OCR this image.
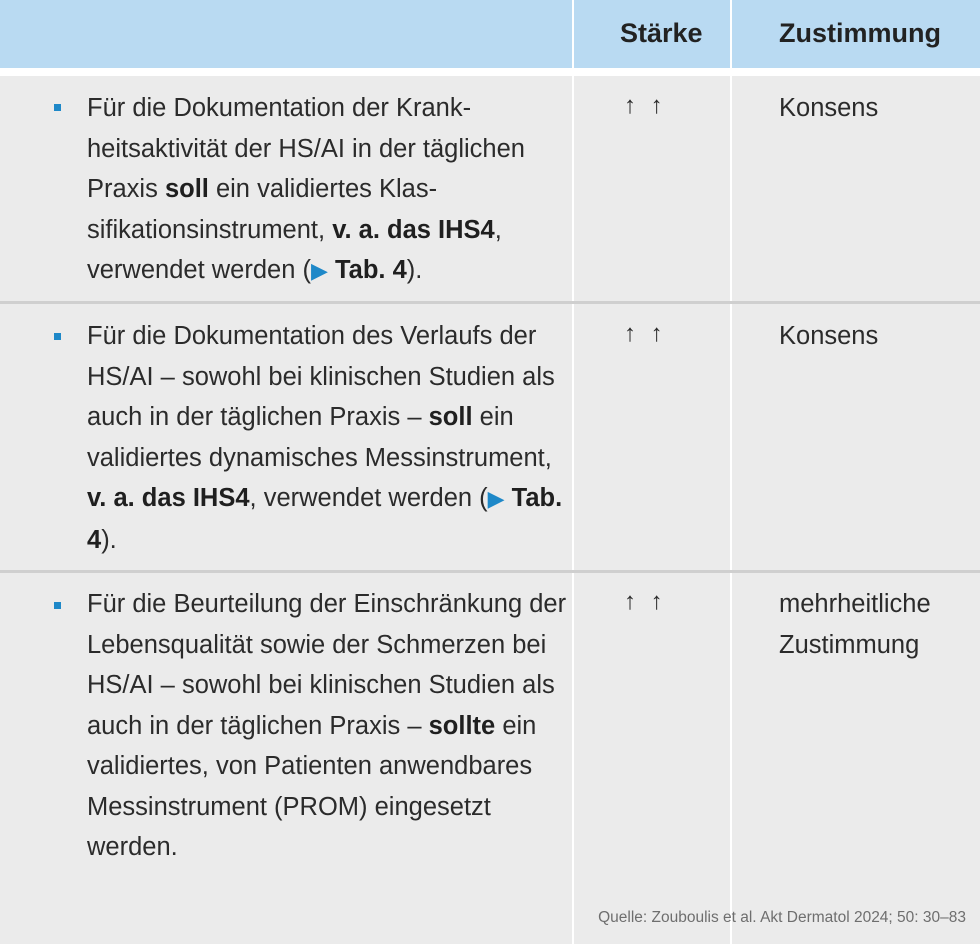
Stärke	Zustimmung
Für die Dokumentation der Krankheitsaktivität der HS/AI in der täglichen Praxis soll ein validiertes Klassifikationsinstrument, v. a. das IHS4, verwendet werden (▶ Tab. 4).
↑ ↑	Konsens
Für die Dokumentation des Verlaufs der HS/AI – sowohl bei klinischen Studien als auch in der täglichen Praxis – soll ein validiertes dynamisches Messinstrument, v. a. das IHS4, verwendet werden (▶ Tab. 4).
↑ ↑	Konsens
Für die Beurteilung der Einschränkung der Lebensqualität sowie der Schmerzen bei HS/AI – sowohl bei klinischen Studien als auch in der täglichen Praxis – sollte ein validiertes, von Patienten anwendbares Messinstrument (PROM) eingesetzt werden.
↑ ↑	mehrheitliche
Zustimmung
Quelle: Zouboulis et al. Akt Dermatol 2024; 50: 30–83
